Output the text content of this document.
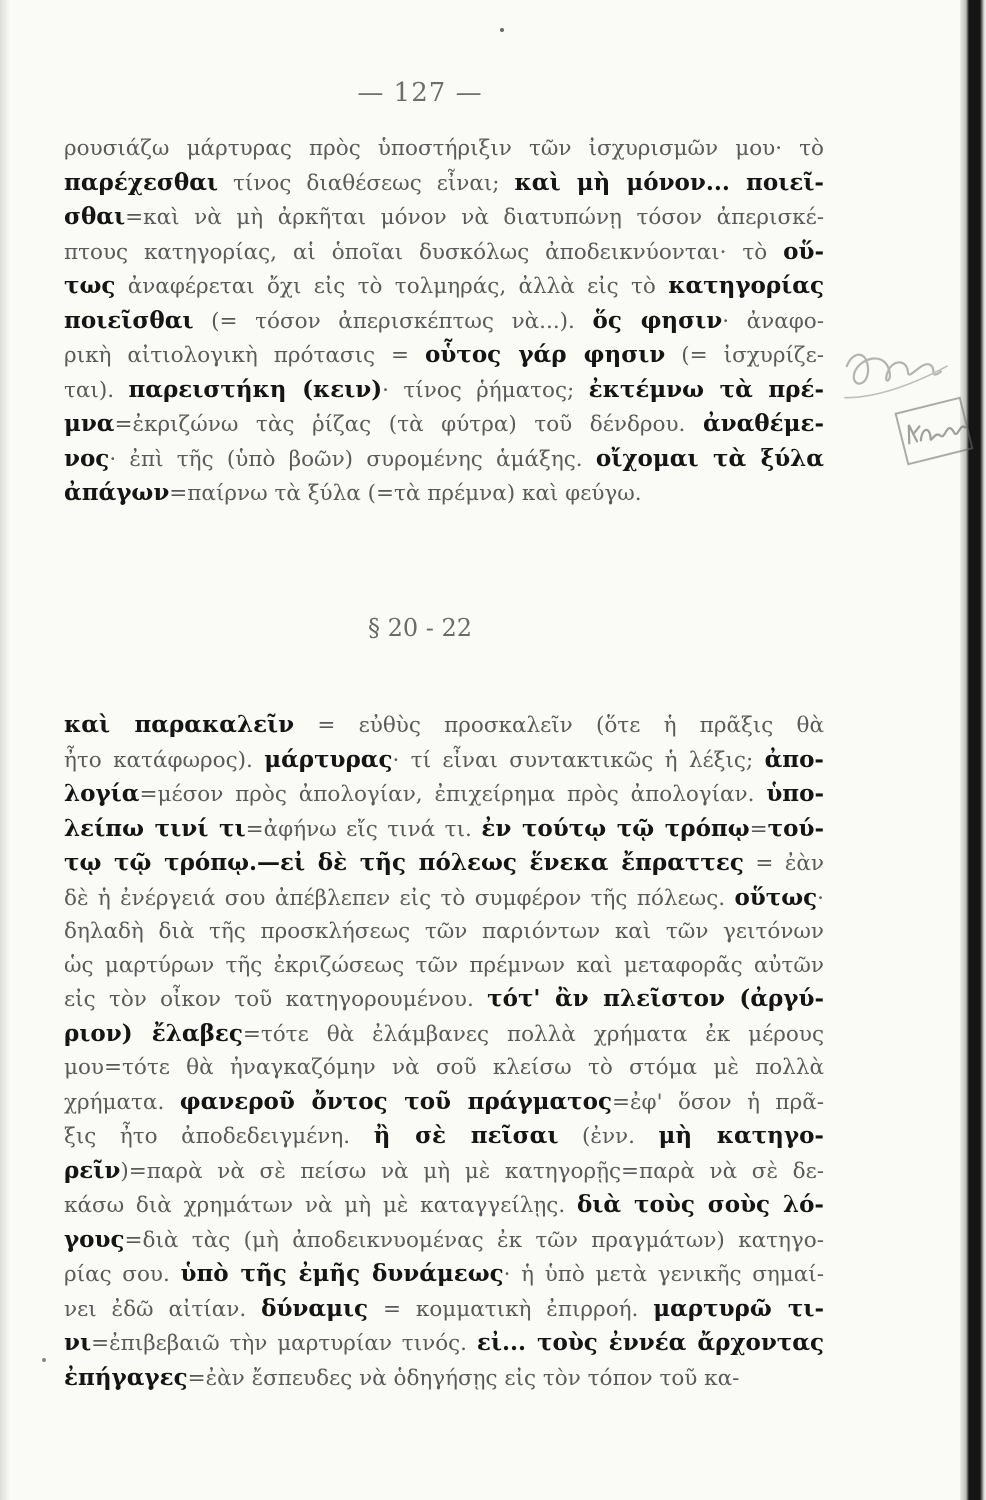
— 127 —
ρουσιάζω μάρτυρας πρὸς ὑποστήριξιν τῶν ἰσχυρισμῶν μου· τὸ
παρέχεσθαι τίνος διαθέσεως εἶναι; καὶ μὴ μόνον... ποιεῖ-
σθαι=καὶ νὰ μὴ ἀρκῆται μόνον νὰ διατυπώνῃ τόσον ἀπερισκέ-
πτους κατηγορίας, αἱ ὁποῖαι δυσκόλως ἀποδεικνύονται· τὸ οὕ-
τως ἀναφέρεται ὄχι εἰς τὸ τολμηράς, ἀλλὰ εἰς τὸ κατηγορίας
ποιεῖσθαι (= τόσον ἀπερισκέπτως νὰ...). ὅς φησιν· ἀναφο-
ρικὴ αἰτιολογικὴ πρότασις = οὗτος γάρ φησιν (= ἰσχυρίζε-
ται). παρειστήκη (κειν)· τίνος ῥήματος; ἐκτέμνω τὰ πρέ-
μνα=ἐκριζώνω τὰς ῥίζας (τὰ φύτρα) τοῦ δένδρου. ἀναθέμε-
νος· ἐπὶ τῆς (ὑπὸ βοῶν) συρομένης ἁμάξης. οἴχομαι τὰ ξύλα
ἀπάγων=παίρνω τὰ ξύλα (=τὰ πρέμνα) καὶ φεύγω.
§ 20 - 22
καὶ παρακαλεῖν = εὐθὺς προσκαλεῖν (ὅτε ἡ πρᾶξις θὰ
ἦτο κατάφωρος). μάρτυρας· τί εἶναι συντακτικῶς ἡ λέξις; ἀπο-
λογία=μέσον πρὸς ἀπολογίαν, ἐπιχείρημα πρὸς ἀπολογίαν. ὑπο-
λείπω τινί τι=ἀφήνω εἴς τινά τι. ἐν τούτῳ τῷ τρόπῳ=τού-
τῳ τῷ τρόπῳ.—εἰ δὲ τῆς πόλεως ἕνεκα ἔπραττες = ἐὰν
δὲ ἡ ἐνέργειά σου ἀπέβλεπεν εἰς τὸ συμφέρον τῆς πόλεως. οὕτως·
δηλαδὴ διὰ τῆς προσκλήσεως τῶν παριόντων καὶ τῶν γειτόνων
ὡς μαρτύρων τῆς ἐκριζώσεως τῶν πρέμνων καὶ μεταφορᾶς αὐτῶν
εἰς τὸν οἶκον τοῦ κατηγορουμένου. τότ' ἂν πλεῖστον (ἀργύ-
ριον) ἔλαβες=τότε θὰ ἐλάμβανες πολλὰ χρήματα ἐκ μέρους
μου=τότε θὰ ἠναγκαζόμην νὰ σοῦ κλείσω τὸ στόμα μὲ πολλὰ
χρήματα. φανεροῦ ὄντος τοῦ πράγματος=ἐφ' ὅσον ἡ πρᾶ-
ξις ἦτο ἀποδεδειγμένη. ἢ σὲ πεῖσαι (ἐνν. μὴ κατηγο-
ρεῖν)=παρὰ νὰ σὲ πείσω νὰ μὴ μὲ κατηγορῇς=παρὰ νὰ σὲ δε-
κάσω διὰ χρημάτων νὰ μὴ μὲ καταγγείλῃς. διὰ τοὺς σοὺς λό-
γους=διὰ τὰς (μὴ ἀποδεικνυομένας ἐκ τῶν πραγμάτων) κατηγο-
ρίας σου. ὑπὸ τῆς ἐμῆς δυνάμεως· ἡ ὑπὸ μετὰ γενικῆς σημαί-
νει ἐδῶ αἰτίαν. δύναμις = κομματικὴ ἐπιρροή. μαρτυρῶ τι-
νι=ἐπιβεβαιῶ τὴν μαρτυρίαν τινός. εἰ... τοὺς ἐννέα ἄρχοντας
ἐπήγαγες=ἐὰν ἔσπευδες νὰ ὁδηγήσῃς εἰς τὸν τόπον τοῦ κα-
